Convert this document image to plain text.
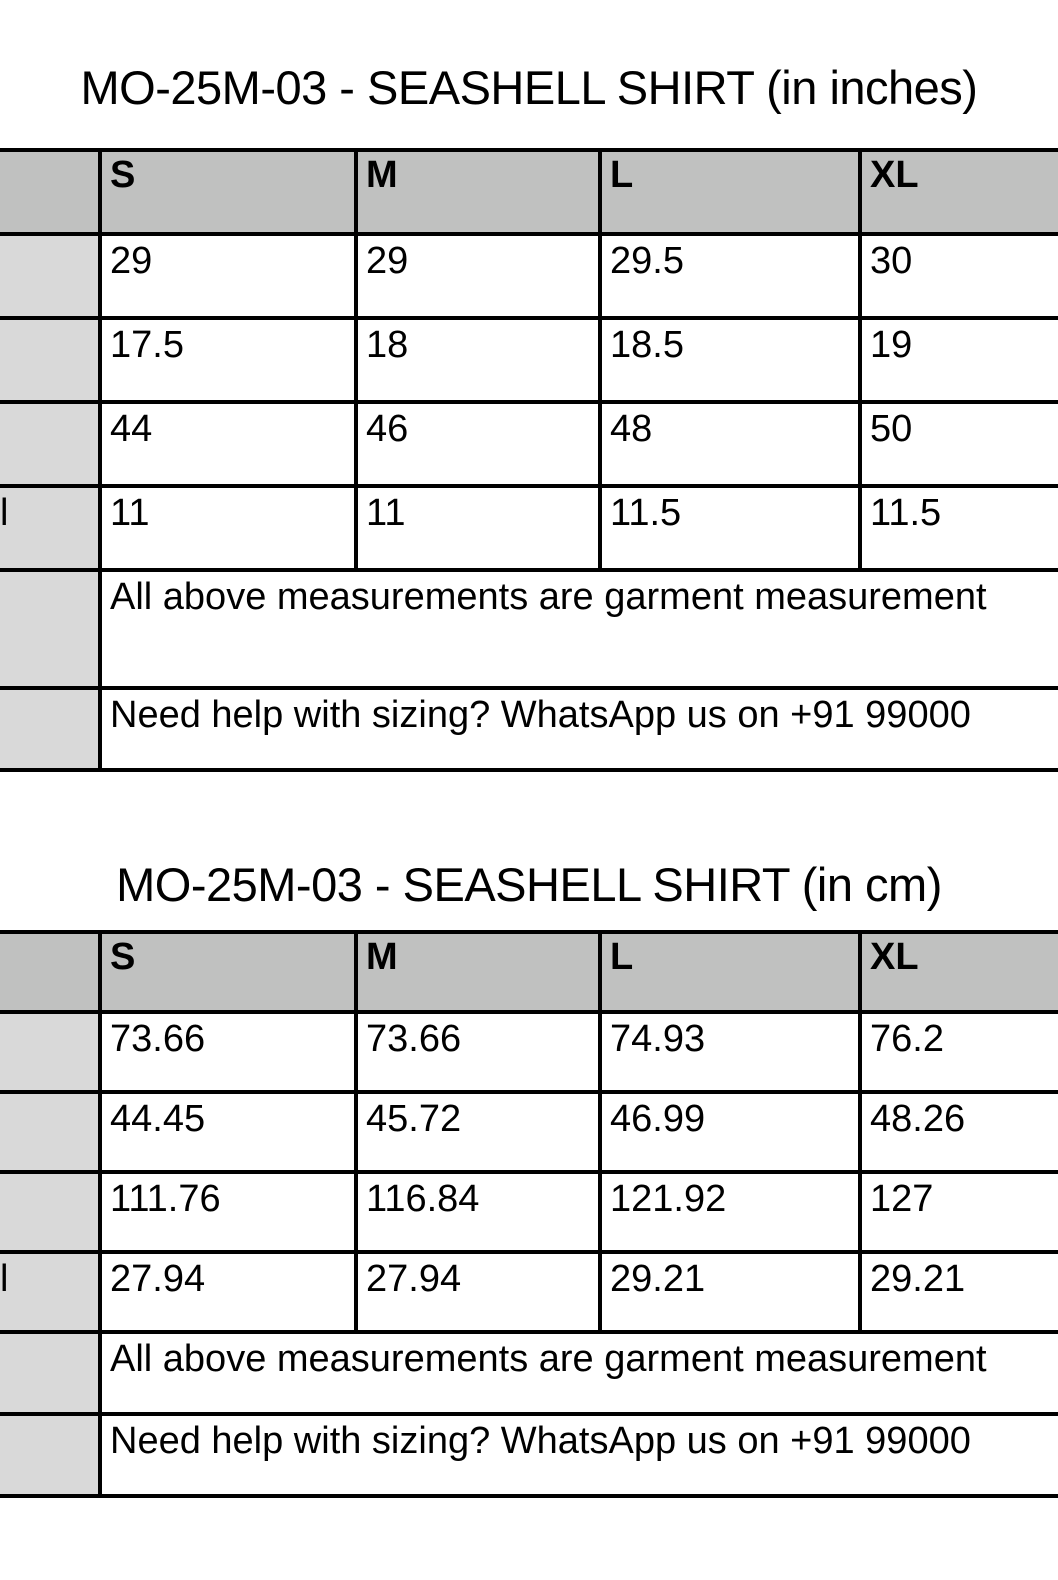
MO-25M-03 - SEASHELL SHIRT (in inches)
S	M	L	XL
29	29	29.5	30
17.5	18	18.5	19
44	46	48	50
l	11	11	11.5	11.5
All above measurements are garment measurement
Need help with sizing? WhatsApp us on +91 99000
MO-25M-03 - SEASHELL SHIRT (in cm)
S	M	L	XL
73.66	73.66	74.93	76.2
44.45	45.72	46.99	48.26
111.76	116.84	121.92	127
l	27.94	27.94	29.21	29.21
All above measurements are garment measurement
Need help with sizing? WhatsApp us on +91 99000
